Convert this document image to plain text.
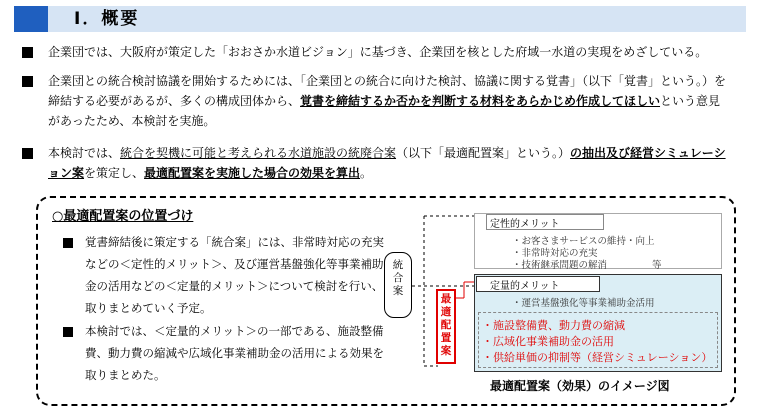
Ⅰ．概要
企業団では、大阪府が策定した「おおさか水道ビジョン」に基づき、企業団を核とした府域一水道の実現をめざしている。
企業団との統合検討協議を開始するためには、「企業団との統合に向けた検討、協議に関する覚書」（以下「覚書」という。）を締結する必要があるが、多くの構成団体から、覚書を締結するか否かを判断する材料をあらかじめ作成してほしいという意見があったため、本検討を実施。
本検討では、統合を契機に可能と考えられる水道施設の統廃合案（以下「最適配置案」という。）の抽出及び経営シミュレーション案を策定し、最適配置案を実施した場合の効果を算出。
○最適配置案の位置づけ
覚書締結後に策定する「統合案」には、非常時対応の充実などの＜定性的メリット＞、及び運営基盤強化等事業補助金の活用などの＜定量的メリット＞について検討を行い、取りまとめていく予定。
本検討では、＜定量的メリット＞の一部である、施設整備費、動力費の縮減や広域化事業補助金の活用による効果を取りまとめた。
統
合
案
最
適
配
置
案
定性的メリット
・お客さまサービスの維持・向上
・非常時対応の充実
・技術継承問題の解消	等
定量的メリット
・運営基盤強化等事業補助金活用
・施設整備費、動力費の縮減
・広域化事業補助金の活用
・供給単価の抑制等（経営シミュレーション）
最適配置案（効果）のイメージ図
